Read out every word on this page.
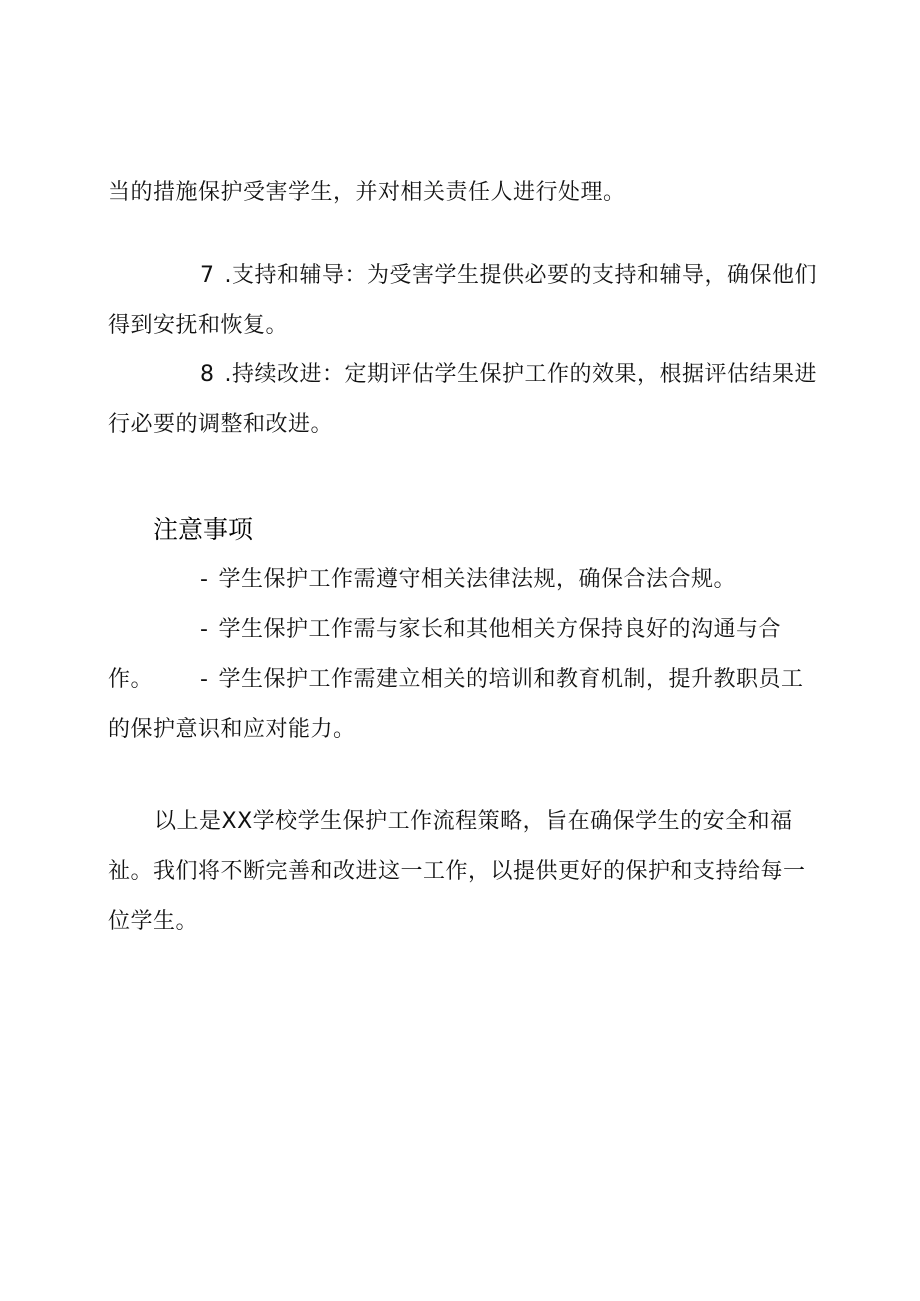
当的措施保护受害学生，并对相关责任人进行处理。

7 .支持和辅导：为受害学生提供必要的支持和辅导，确保他们得到安抚和恢复。

8 .持续改进：定期评估学生保护工作的效果，根据评估结果进行必要的调整和改进。

注意事项

- 学生保护工作需遵守相关法律法规，确保合法合规。

- 学生保护工作需与家长和其他相关方保持良好的沟通与合作。	- 学生保护工作需建立相关的培训和教育机制，提升教职员工的保护意识和应对能力。

以上是XX学校学生保护工作流程策略，旨在确保学生的安全和福祉。我们将不断完善和改进这一工作，以提供更好的保护和支持给每一位学生。
